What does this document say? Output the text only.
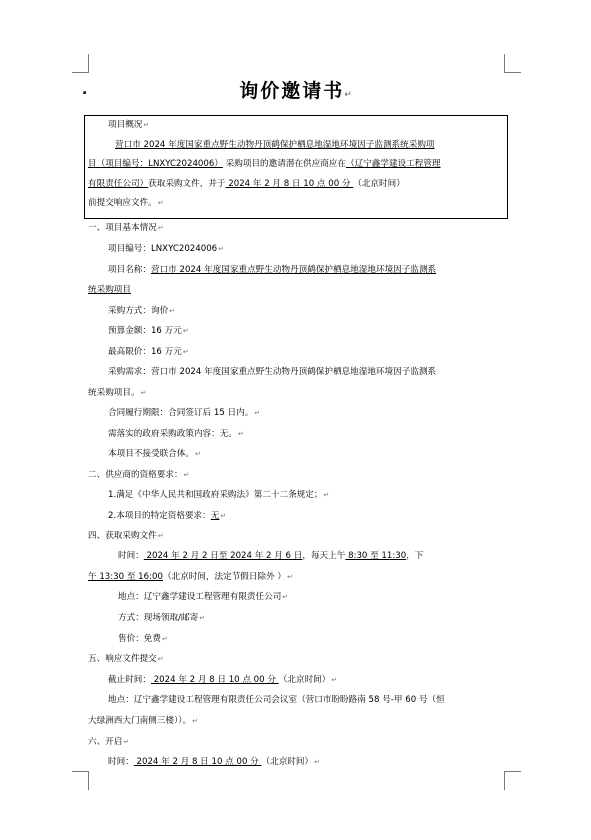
.	询价邀请书↵
项目概况↵
营口市 2024 年度国家重点野生动物丹顶鹤保护栖息地湿地环境因子监测系统采购项
目（项目编号：LNXYC2024006） 采购项目的邀请潜在供应商应在（辽宁鑫学建设工程管理
有限责任公司）获取采购文件，并于 2024 年 2 月 8 日 10 点 00 分 （北京时间）
前提交响应文件。↵
一、项目基本情况↵
项目编号：LNXYC2024006↵
项目名称：营口市 2024 年度国家重点野生动物丹顶鹤保护栖息地湿地环境因子监测系
统采购项目
采购方式：询价↵
预算金额：16 万元↵
最高限价：16 万元↵
采购需求：营口市 2024 年度国家重点野生动物丹顶鹤保护栖息地湿地环境因子监测系
统采购项目。↵
合同履行期限：合同签订后 15 日内。↵
需落实的政府采购政策内容：无。↵
本项目不接受联合体。↵
二、供应商的资格要求：↵
1.满足《中华人民共和国政府采购法》第二十二条规定；↵
2.本项目的特定资格要求：无↵
四、获取采购文件↵
时间： 2024 年 2 月 2 日至 2024 年 2 月 6 日，每天上午 8:30 至 11:30，下
午 13:30 至 16:00（北京时间，法定节假日除外 ）↵
地点：辽宁鑫学建设工程管理有限责任公司↵
方式：现场领取/邮寄↵
售价：免费↵
五、响应文件提交↵
截止时间： 2024 年 2 月 8 日 10 点 00 分 （北京时间）↵
地点：辽宁鑫学建设工程管理有限责任公司会议室（营口市盼盼路南 58 号-甲 60 号（恒
大绿洲西大门南侧三楼））。↵
六、开启↵
时间： 2024 年 2 月 8 日 10 点 00 分 （北京时间）↵
